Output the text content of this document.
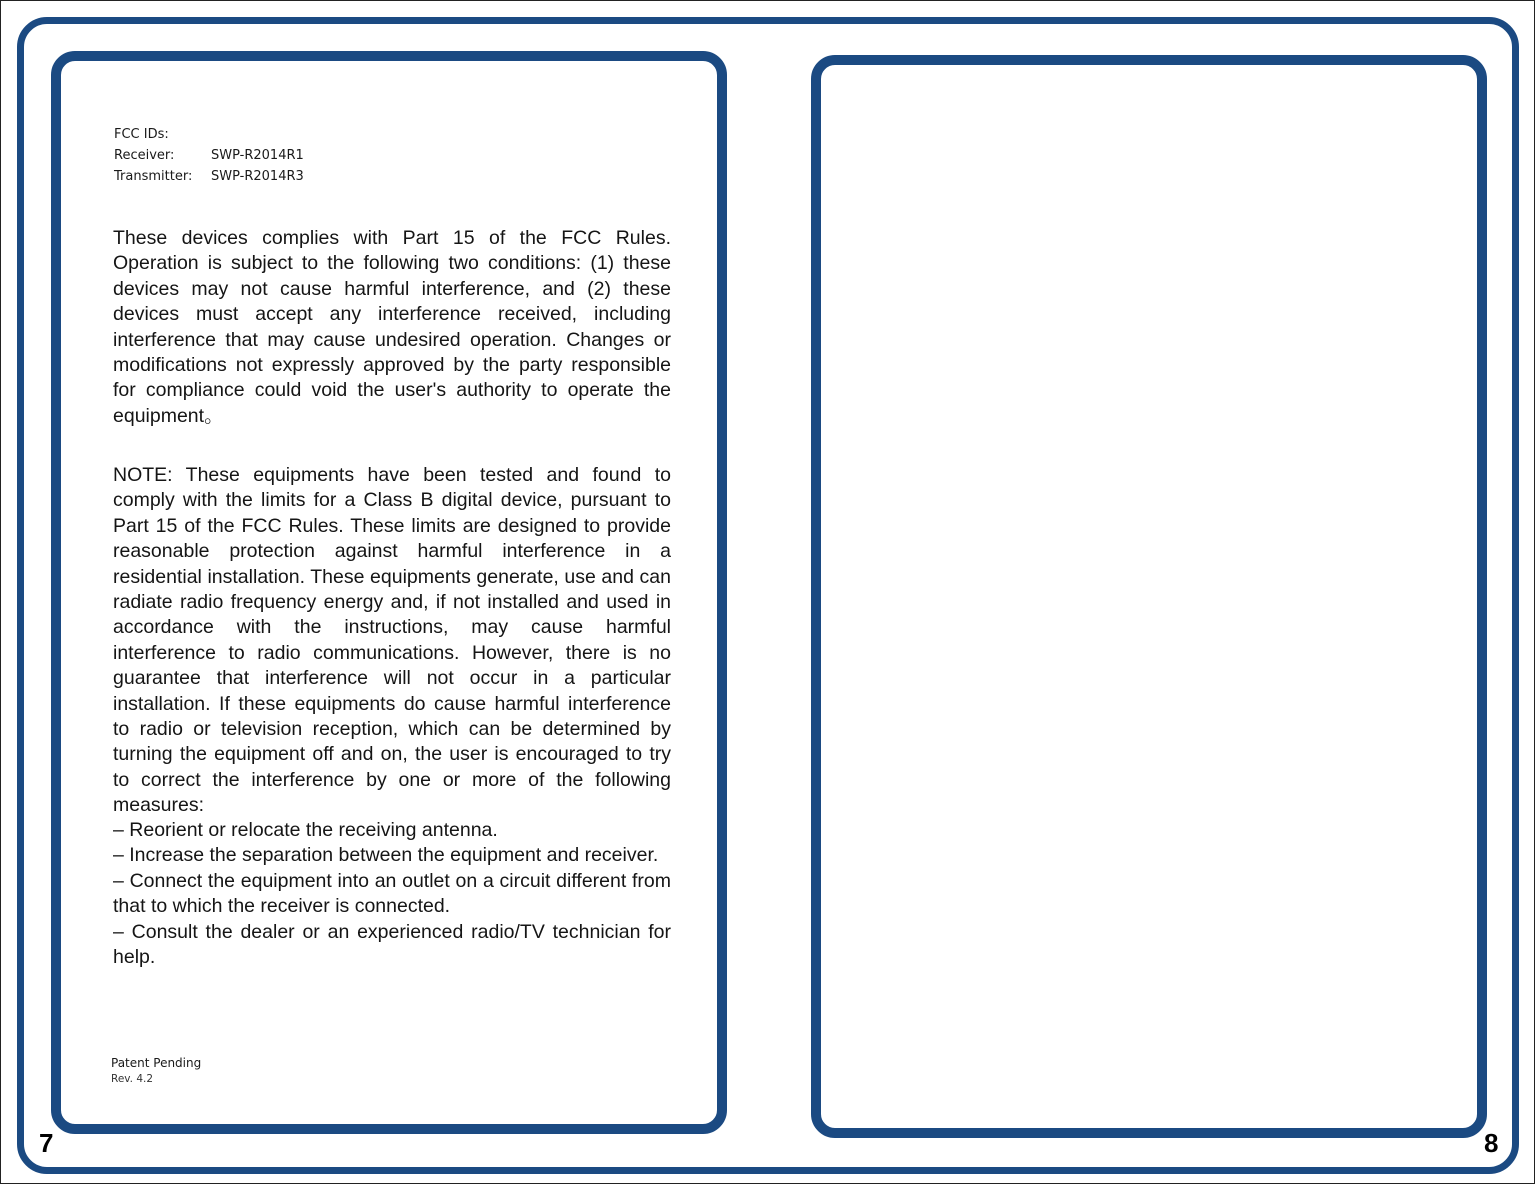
FCC IDs:
Receiver:	SWP-R2014R1
Transmitter:	SWP-R2014R3

These devices complies with Part 15 of the FCC Rules. Operation is subject to the following two conditions: (1) these devices may not cause harmful interference, and (2) these devices must accept any interference received, including interference that may cause undesired operation. Changes or modifications not expressly approved by the party responsible for compliance could void the user's authority to operate the equipment。

NOTE: These equipments have been tested and found to comply with the limits for a Class B digital device, pursuant to Part 15 of the FCC Rules. These limits are designed to provide reasonable protection against harmful interference in a residential installation. These equipments generate, use and can radiate radio frequency energy and, if not installed and used in accordance with the instructions, may cause harmful interference to radio communications. However, there is no guarantee that interference will not occur in a particular installation. If these equipments do cause harmful interference to radio or television reception, which can be determined by turning the equipment off and on, the user is encouraged to try to correct the interference by one or more of the following measures:

– Reorient or relocate the receiving antenna.

– Increase the separation between the equipment and receiver.

– Connect the equipment into an outlet on a circuit different from that to which the receiver is connected.

– Consult the dealer or an experienced radio/TV technician for help.

Patent Pending
Rev. 4.2
7	8
